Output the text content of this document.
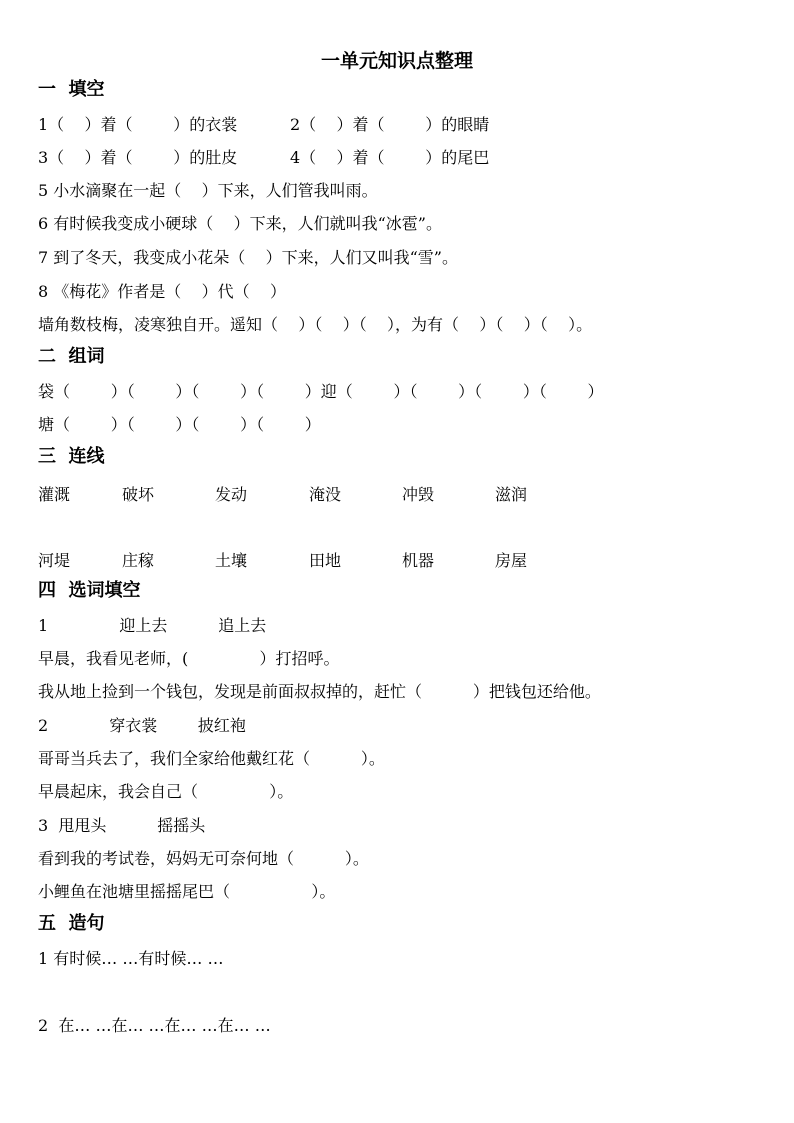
一单元知识点整理
一  填空
1（    ）着（        ）的衣裳	2（    ）着（        ）的眼睛
3（    ）着（        ）的肚皮	4（    ）着（        ）的尾巴
5 小水滴聚在一起（    ）下来，人们管我叫雨。
6 有时候我变成小硬球（    ）下来，人们就叫我“冰雹”。
7 到了冬天，我变成小花朵（    ）下来，人们又叫我“雪”。
8 《梅花》作者是（    ）代（    ）
墙角数枝梅，凌寒独自开。遥知（    ）（    ）（    ），为有（    ）（    ）（    ）。
二  组词
袋（        ）（        ）（        ）（        ）迎（        ）（        ）（        ）（        ）
塘（        ）（        ）（        ）（        ）
三  连线
灌溉	破坏	发动	淹没	冲毁	滋润
河堤	庄稼	土壤	田地	机器	房屋
四  选词填空
1              迎上去          追上去
早晨，我看见老师，(              ）打招呼。
我从地上捡到一个钱包，发现是前面叔叔掉的，赶忙（          ）把钱包还给他。
2            穿衣裳        披红袍
哥哥当兵去了，我们全家给他戴红花（          ）。
早晨起床，我会自己（              ）。
3  甩甩头          摇摇头
看到我的考试卷，妈妈无可奈何地（          ）。
小鲤鱼在池塘里摇摇尾巴（                ）。
五  造句
1 有时候… …有时候… …
2  在… …在… …在… …在… …
